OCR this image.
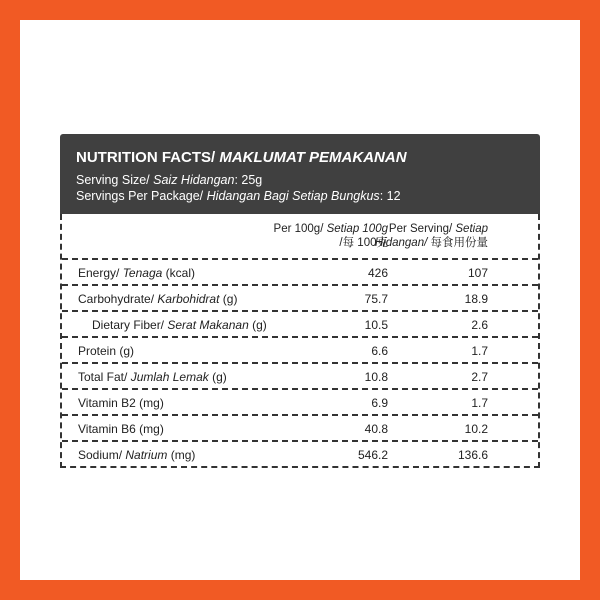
NUTRITION FACTS/ MAKLUMAT PEMAKANAN
Serving Size/ Saiz Hidangan: 25g
Servings Per Package/ Hidangan Bagi Setiap Bungkus: 12
Per 100g/ Setiap 100g
/每 100克
Per Serving/ Setiap
Hidangan/ 每食用份量
Energy/ Tenaga (kcal)	426	107
Carbohydrate/ Karbohidrat (g)	75.7	18.9
Dietary Fiber/ Serat Makanan (g)	10.5	2.6
Protein (g)	6.6	1.7
Total Fat/ Jumlah Lemak (g)	10.8	2.7
Vitamin B2 (mg)	6.9	1.7
Vitamin B6 (mg)	40.8	10.2
Sodium/ Natrium (mg)	546.2	136.6
